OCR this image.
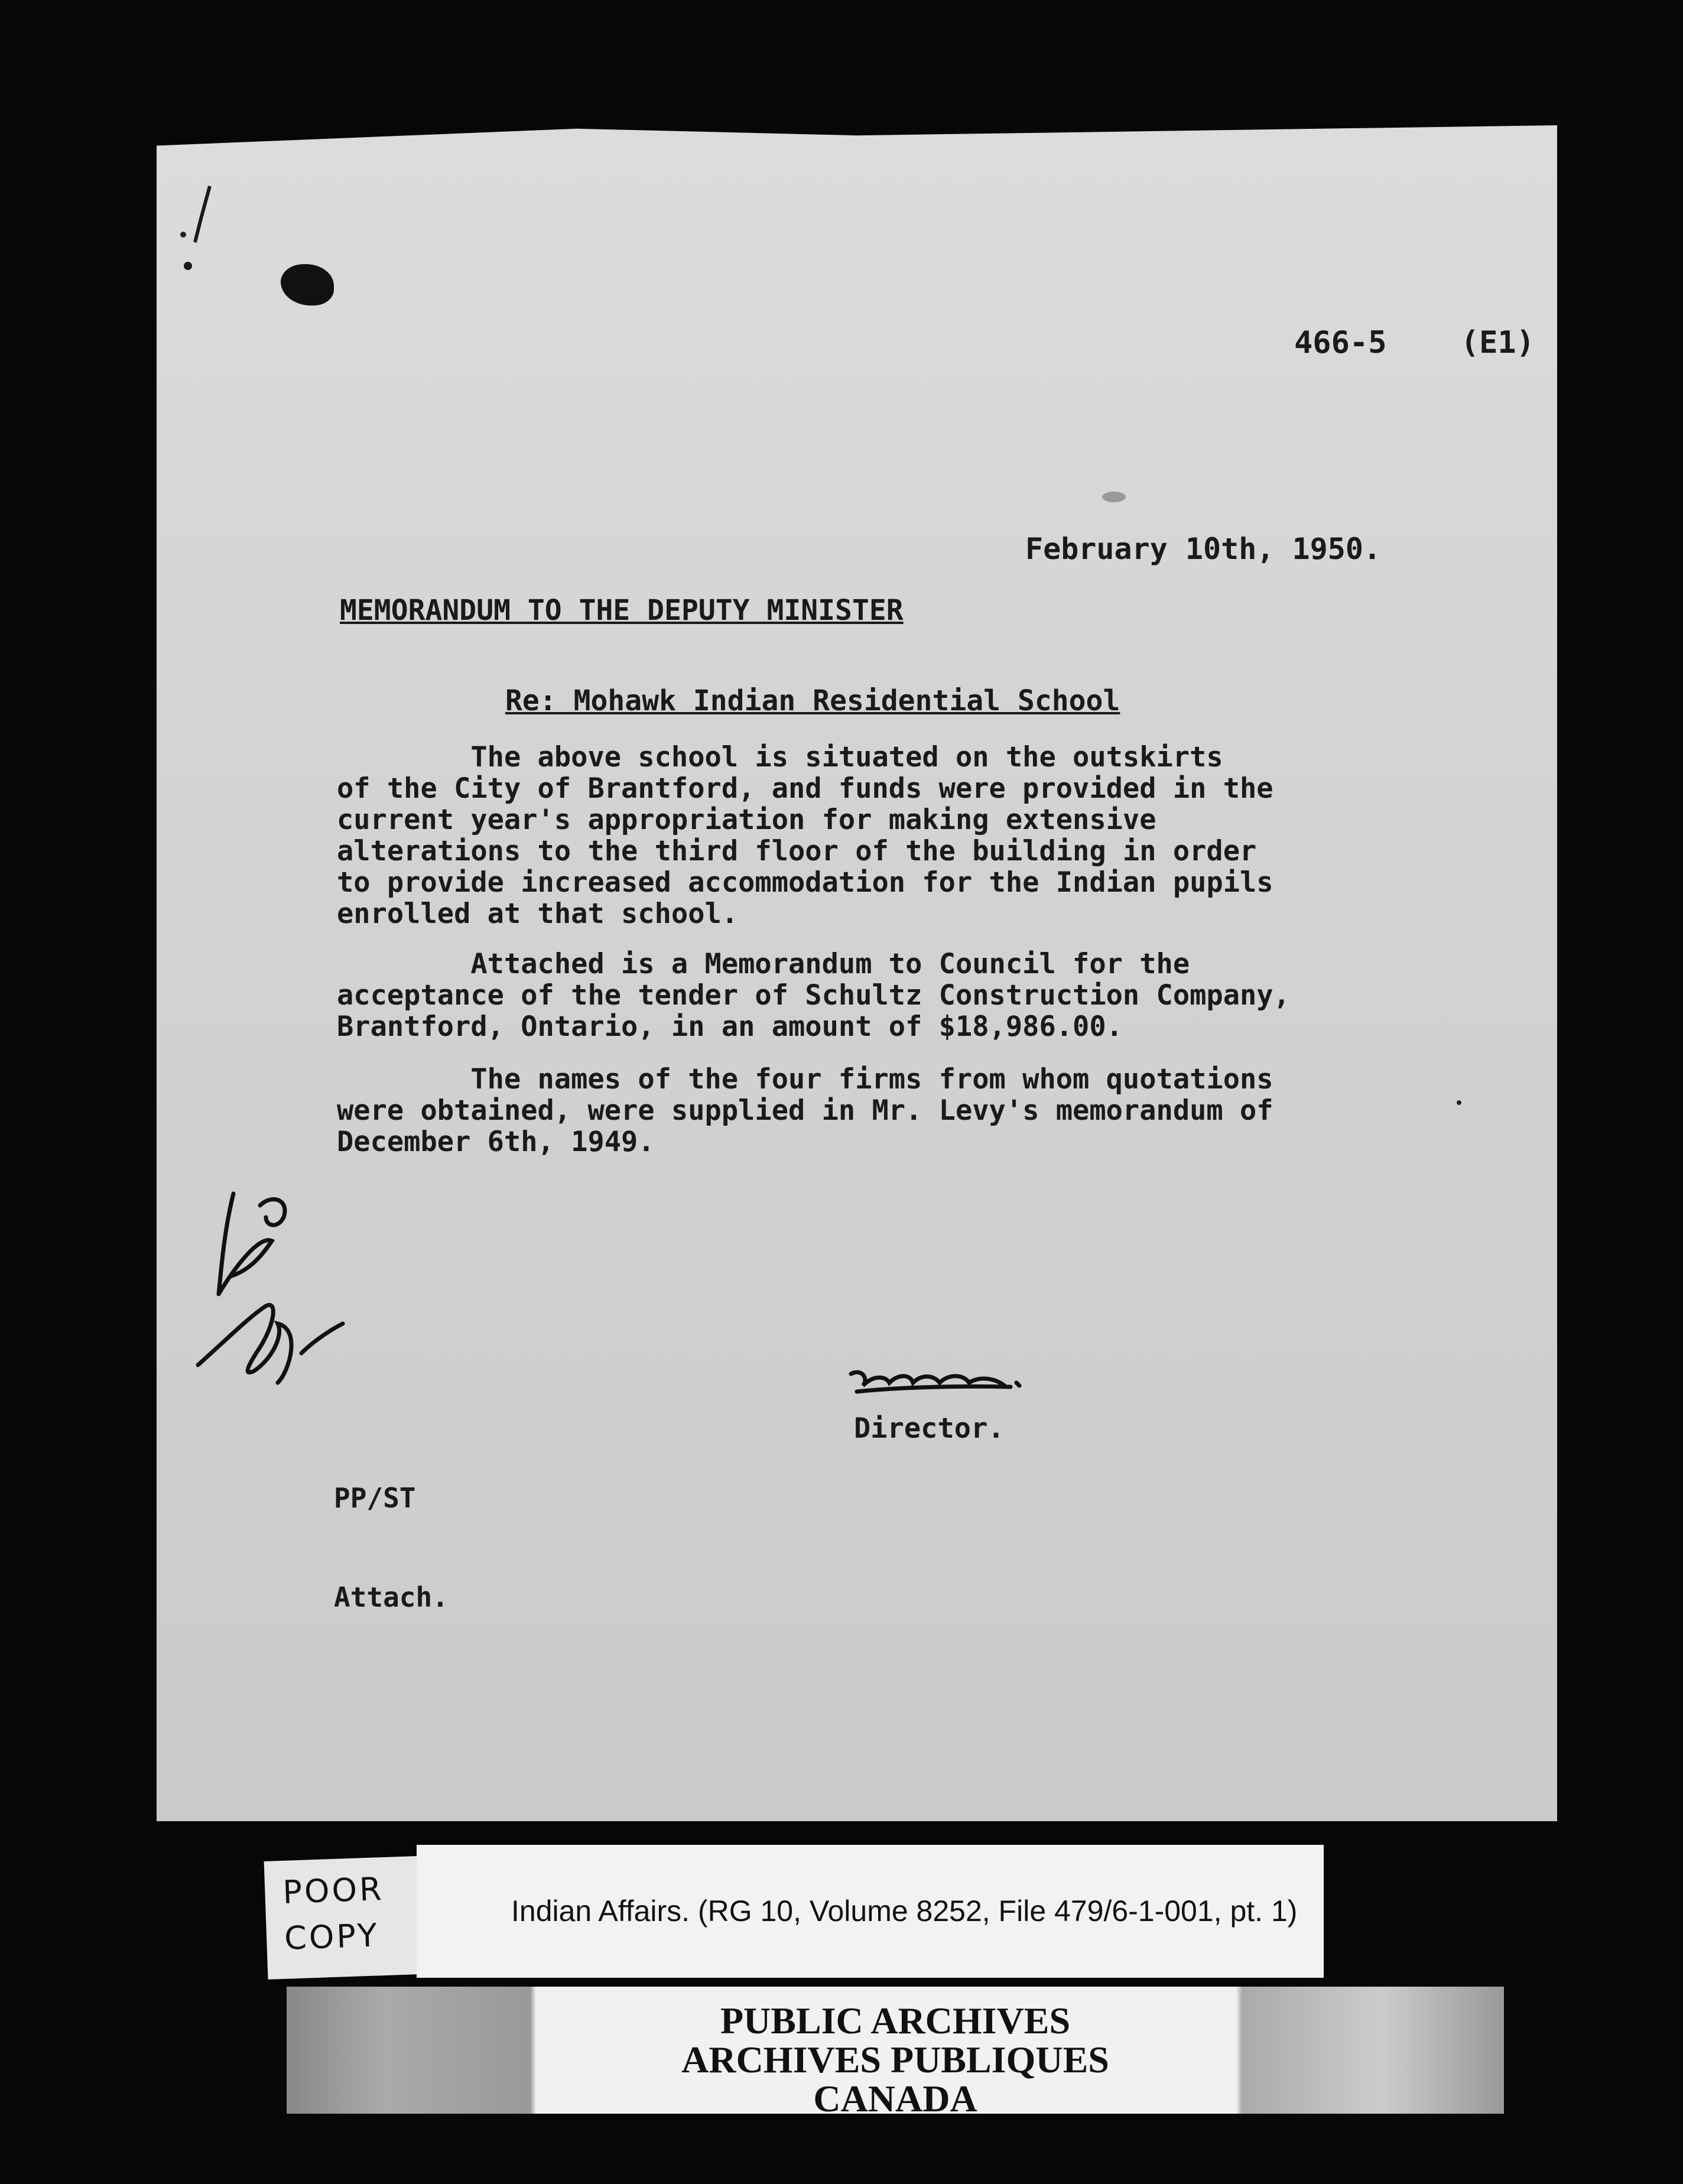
466-5    (E1)
February 10th, 1950.
MEMORANDUM TO THE DEPUTY MINISTER
Re: Mohawk Indian Residential School
The above school is situated on the outskirts
of the City of Brantford, and funds were provided in the
current year's appropriation for making extensive
alterations to the third floor of the building in order
to provide increased accommodation for the Indian pupils
enrolled at that school.
Attached is a Memorandum to Council for the
acceptance of the tender of Schultz Construction Company,
Brantford, Ontario, in an amount of $18,986.00.
The names of the four firms from whom quotations
were obtained, were supplied in Mr. Levy's memorandum of
December 6th, 1949.
Director.

PP/ST

Attach.

POOR
COPY
Indian Affairs. (RG 10, Volume 8252, File 479/6-1-001, pt. 1)
PUBLIC ARCHIVES
ARCHIVES PUBLIQUES
CANADA
